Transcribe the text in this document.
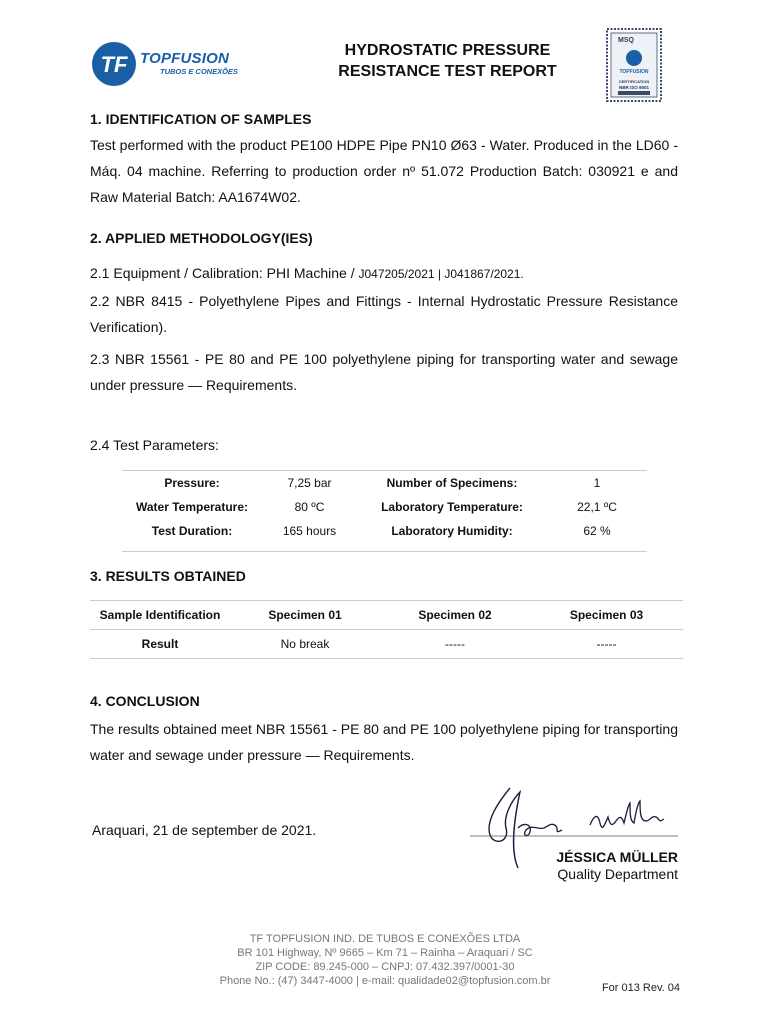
TF TOPFUSION
TUBOS E CONEXÕES
HYDROSTATIC PRESSURE
RESISTANCE TEST REPORT
MSQ
TOPFUSION
CERTIFICATION
NBR ISO 9001
1. IDENTIFICATION OF SAMPLES
Test performed with the product PE100 HDPE Pipe PN10 Ø63 - Water. Produced in the LD60 - Máq. 04 machine. Referring to production order nº 51.072 Production Batch: 030921 e and Raw Material Batch: AA1674W02.
2. APPLIED METHODOLOGY(IES)
2.1 Equipment / Calibration: PHI Machine / J047205/2021 | J041867/2021.
2.2 NBR 8415 - Polyethylene Pipes and Fittings - Internal Hydrostatic Pressure Resistance Verification).
2.3 NBR 15561 - PE 80 and PE 100 polyethylene piping for transporting water and sewage under pressure — Requirements.
2.4 Test Parameters:
Pressure:	7,25 bar	Number of Specimens:	1
Water Temperature:	80 ºC	Laboratory Temperature:	22,1 ºC
Test Duration:	165 hours	Laboratory Humidity:	62 %

3. RESULTS OBTAINED
Sample Identification	Specimen 01	Specimen 02	Specimen 03
Result	No break	-----	-----
4. CONCLUSION
The results obtained meet NBR 15561 - PE 80 and PE 100 polyethylene piping for transporting water and sewage under pressure — Requirements.
Araquari, 21 de september de 2021.
JÉSSICA MÜLLER
Quality Department
TF TOPFUSION IND. DE TUBOS E CONEXÕES LTDA
BR 101 Highway, Nº 9665 – Km 71 – Rainha – Araquari / SC
ZIP CODE: 89.245-000 – CNPJ: 07.432.397/0001-30
Phone No.: (47) 3447-4000 | e-mail: qualidade02@topfusion.com.br
For 013 Rev. 04
